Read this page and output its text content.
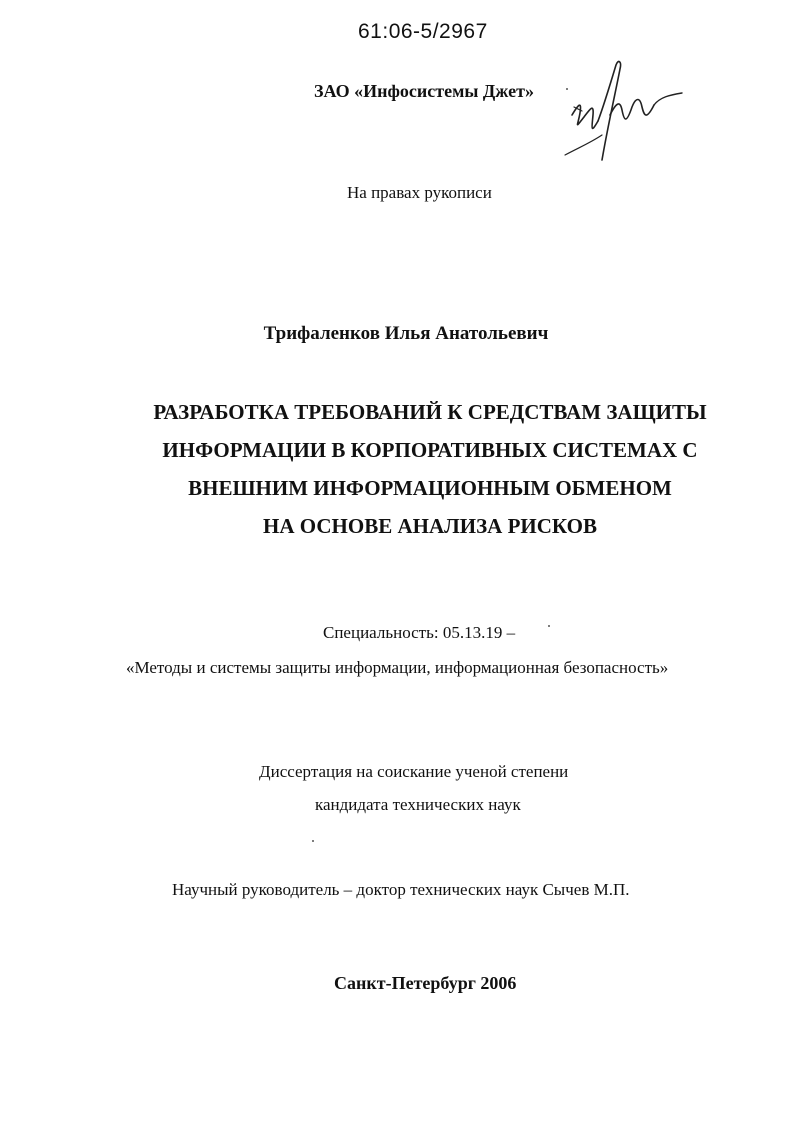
61:06-5/2967
ЗАО «Инфосистемы Джет»
На правах рукописи
Трифаленков Илья Анатольевич
РАЗРАБОТКА ТРЕБОВАНИЙ К СРЕДСТВАМ ЗАЩИТЫ
ИНФОРМАЦИИ В КОРПОРАТИВНЫХ СИСТЕМАХ С
ВНЕШНИМ ИНФОРМАЦИОННЫМ ОБМЕНОМ
НА ОСНОВЕ АНАЛИЗА РИСКОВ
Специальность: 05.13.19 –
«Методы и системы защиты информации, информационная безопасность»
Диссертация на соискание ученой степени
кандидата технических наук
Научный руководитель – доктор технических наук Сычев М.П.
Санкт-Петербург 2006
